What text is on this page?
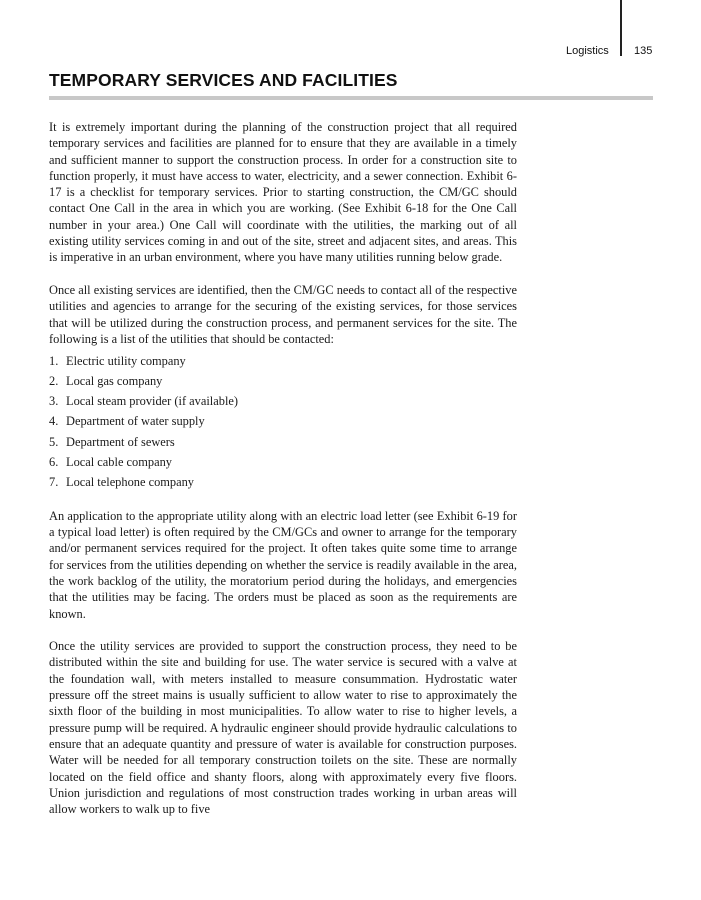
Logistics 135
TEMPORARY SERVICES AND FACILITIES

It is extremely important during the planning of the construction project that all required temporary services and facilities are planned for to ensure that they are available in a timely and sufficient manner to support the construction process. In order for a construction site to function properly, it must have access to water, electricity, and a sewer connection. Exhibit 6-17 is a checklist for temporary services. Prior to starting construction, the CM/GC should contact One Call in the area in which you are working. (See Exhibit 6-18 for the One Call number in your area.) One Call will coordinate with the utilities, the marking out of all existing utility services coming in and out of the site, street and adjacent sites, and areas. This is imperative in an urban environment, where you have many utilities running below grade.

Once all existing services are identified, then the CM/GC needs to contact all of the respective utilities and agencies to arrange for the securing of the existing services, for those services that will be utilized during the construction process, and permanent services for the site. The following is a list of the utilities that should be contacted:

1. Electric utility company
2. Local gas company
3. Local steam provider (if available)
4. Department of water supply
5. Department of sewers
6. Local cable company
7. Local telephone company

An application to the appropriate utility along with an electric load letter (see Exhibit 6-19 for a typical load letter) is often required by the CM/GCs and owner to arrange for the temporary and/or permanent services required for the project. It often takes quite some time to arrange for services from the utilities depending on whether the service is readily available in the area, the work backlog of the utility, the moratorium period during the holidays, and emergencies that the utilities may be facing. The orders must be placed as soon as the requirements are known.

Once the utility services are provided to support the construction process, they need to be distributed within the site and building for use. The water service is secured with a valve at the foundation wall, with meters installed to measure consummation. Hydrostatic water pressure off the street mains is usually sufficient to allow water to rise to approximately the sixth floor of the building in most municipalities. To allow water to rise to higher levels, a pressure pump will be required. A hydraulic engineer should provide hydraulic calculations to ensure that an adequate quantity and pressure of water is available for construction purposes. Water will be needed for all temporary construction toilets on the site. These are normally located on the field office and shanty floors, along with approximately every five floors. Union jurisdiction and regulations of most construction trades working in urban areas will allow workers to walk up to five
